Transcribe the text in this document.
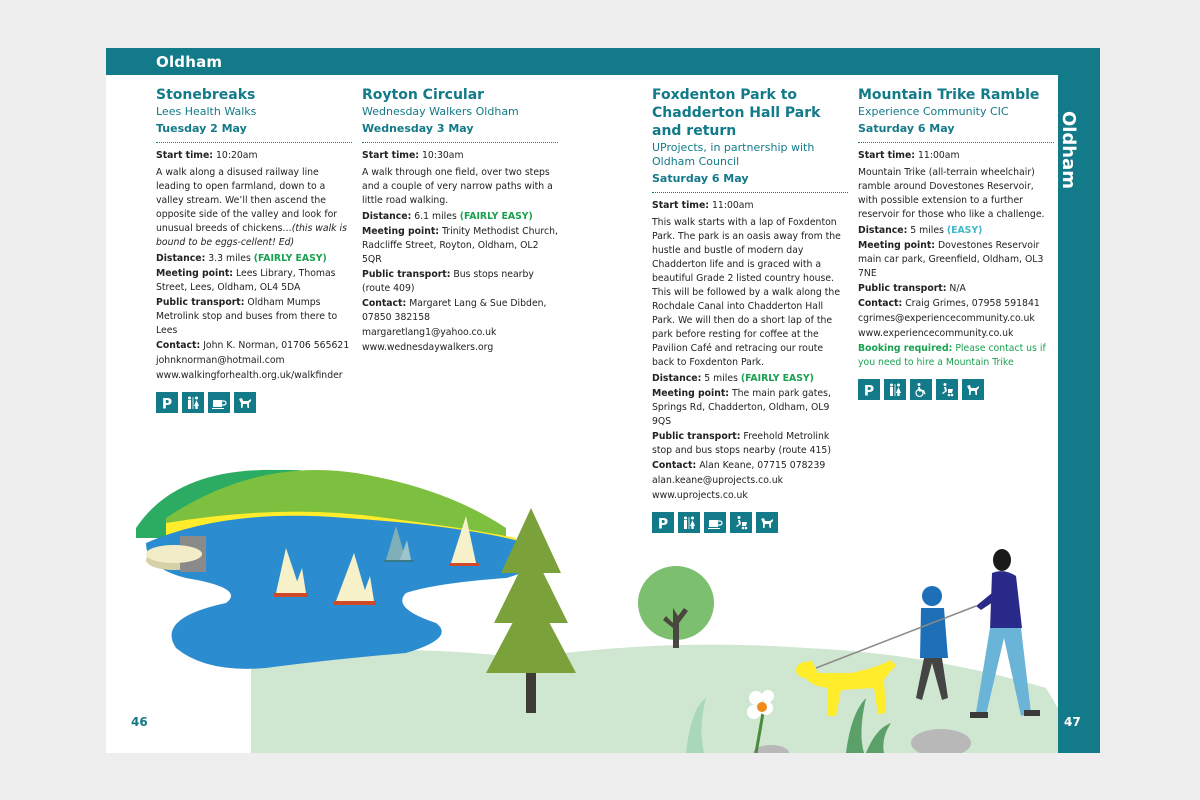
Oldham
Oldham
Stonebreaks
Lees Health Walks
Tuesday 2 May
Start time: 10:20am
A walk along a disused railway line leading to open farmland, down to a valley stream. We’ll then ascend the opposite side of the valley and look for unusual breeds of chickens…(this walk is bound to be eggs-cellent! Ed)
Distance: 3.3 miles (FAIRLY EASY)
Meeting point: Lees Library, Thomas Street, Lees, Oldham, OL4 5DA
Public transport: Oldham Mumps Metrolink stop and buses from there to Lees
Contact: John K. Norman, 01706 565621
johnknorman@hotmail.com
www.walkingforhealth.org.uk/walkfinder
P
Royton Circular
Wednesday Walkers Oldham
Wednesday 3 May
Start time: 10:30am
A walk through one field, over two steps and a couple of very narrow paths with a little road walking.
Distance: 6.1 miles (FAIRLY EASY)
Meeting point: Trinity Methodist Church, Radcliffe Street, Royton, Oldham, OL2 5QR
Public transport: Bus stops nearby (route 409)
Contact: Margaret Lang & Sue Dibden, 07850 382158
margaretlang1@yahoo.co.uk
www.wednesdaywalkers.org
Foxdenton Park to Chadderton Hall Park and return
UProjects, in partnership with Oldham Council
Saturday 6 May
Start time: 11:00am
This walk starts with a lap of Foxdenton Park. The park is an oasis away from the hustle and bustle of modern day Chadderton life and is graced with a beautiful Grade 2 listed country house. This will be followed by a walk along the Rochdale Canal into Chadderton Hall Park. We will then do a short lap of the park before resting for coffee at the Pavilion Café and retracing our route back to Foxdenton Park.
Distance: 5 miles (FAIRLY EASY)
Meeting point: The main park gates, Springs Rd, Chadderton, Oldham, OL9 9QS
Public transport: Freehold Metrolink stop and bus stops nearby (route 415)
Contact: Alan Keane, 07715 078239
alan.keane@uprojects.co.uk
www.uprojects.co.uk
P
Mountain Trike Ramble
Experience Community CIC
Saturday 6 May
Start time: 11:00am
Mountain Trike (all-terrain wheelchair) ramble around Dovestones Reservoir, with possible extension to a further reservoir for those who like a challenge.
Distance: 5 miles (EASY)
Meeting point: Dovestones Reservoir main car park, Greenfield, Oldham, OL3 7NE
Public transport: N/A
Contact: Craig Grimes, 07958 591841
cgrimes@experiencecommunity.co.uk
www.experiencecommunity.co.uk
Booking required: Please contact us if you need to hire a Mountain Trike
P
46	47
